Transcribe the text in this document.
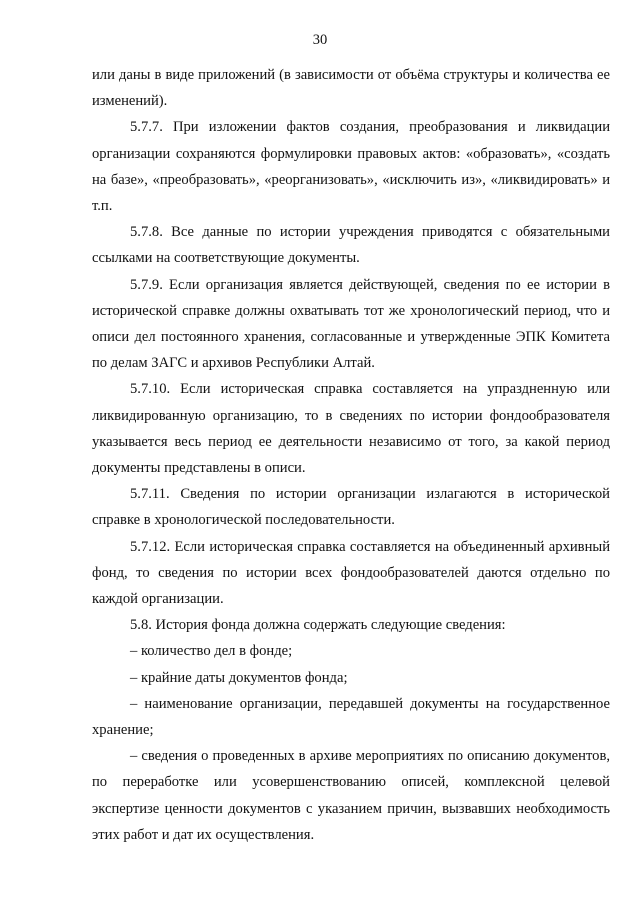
30

или даны в виде приложений (в зависимости от объёма структуры и количества ее изменений).

5.7.7. При изложении фактов создания, преобразования и ликвидации организации сохраняются формулировки правовых актов: «образовать», «создать на базе», «преобразовать», «реорганизовать», «исключить из», «ликвидировать» и т.п.

5.7.8. Все данные по истории учреждения приводятся с обязательными ссылками на соответствующие документы.

5.7.9. Если организация является действующей, сведения по ее истории в исторической справке должны охватывать тот же хронологический период, что и описи дел постоянного хранения, согласованные и утвержденные ЭПК Комитета по делам ЗАГС и архивов Республики Алтай.

5.7.10. Если историческая справка составляется на упраздненную или ликвидированную организацию, то в сведениях по истории фондообразователя указывается весь период ее деятельности независимо от того, за какой период документы представлены в описи.

5.7.11. Сведения по истории организации излагаются в исторической справке в хронологической последовательности.

5.7.12. Если историческая справка составляется на объединенный архивный фонд, то сведения по истории всех фондообразователей даются отдельно по каждой организации.

5.8. История фонда должна содержать следующие сведения:

– количество дел в фонде;

– крайние даты документов фонда;

– наименование организации, передавшей документы на государственное хранение;

– сведения о проведенных в архиве мероприятиях по описанию документов, по переработке или усовершенствованию описей, комплексной целевой экспертизе ценности документов с указанием причин, вызвавших необходимость этих работ и дат их осуществления.
